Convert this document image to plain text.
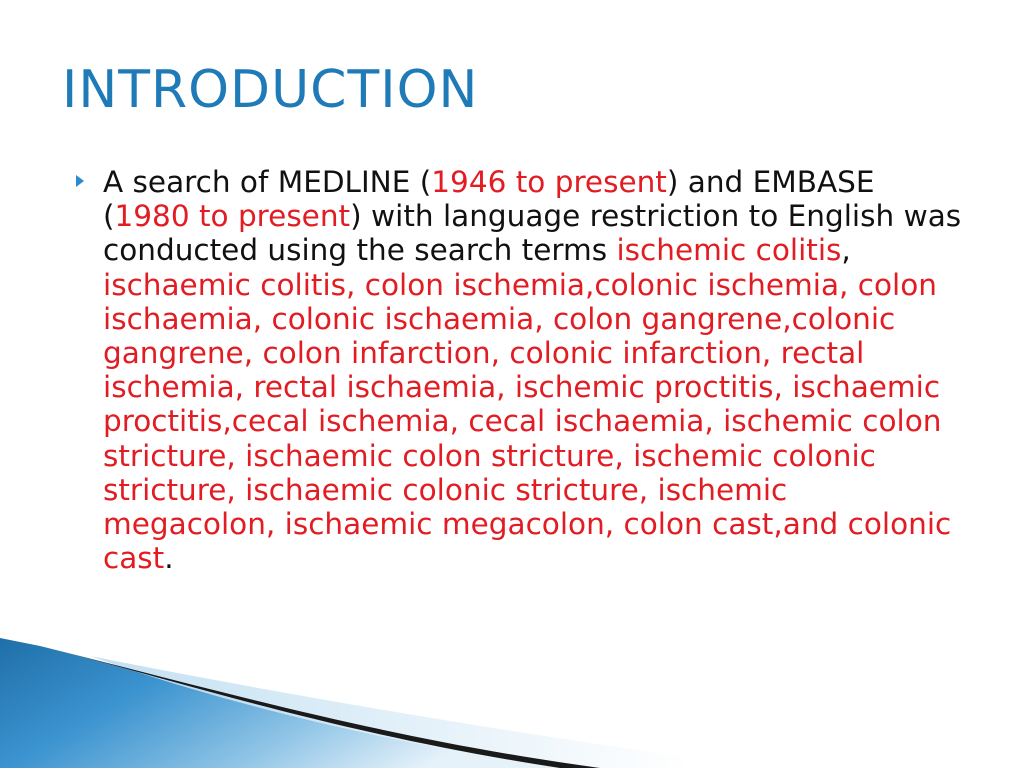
INTRODUCTION

A search of MEDLINE (1946 to present) and EMBASE (1980 to present) with language restriction to English was conducted using the search terms ischemic colitis, ischaemic colitis, colon ischemia,colonic ischemia, colon ischaemia, colonic ischaemia, colon gangrene,colonic gangrene, colon infarction, colonic infarction, rectal ischemia, rectal ischaemia, ischemic proctitis, ischaemic proctitis,cecal ischemia, cecal ischaemia, ischemic colon stricture, ischaemic colon stricture, ischemic colonic stricture, ischaemic colonic stricture, ischemic megacolon, ischaemic megacolon, colon cast,and colonic cast.
